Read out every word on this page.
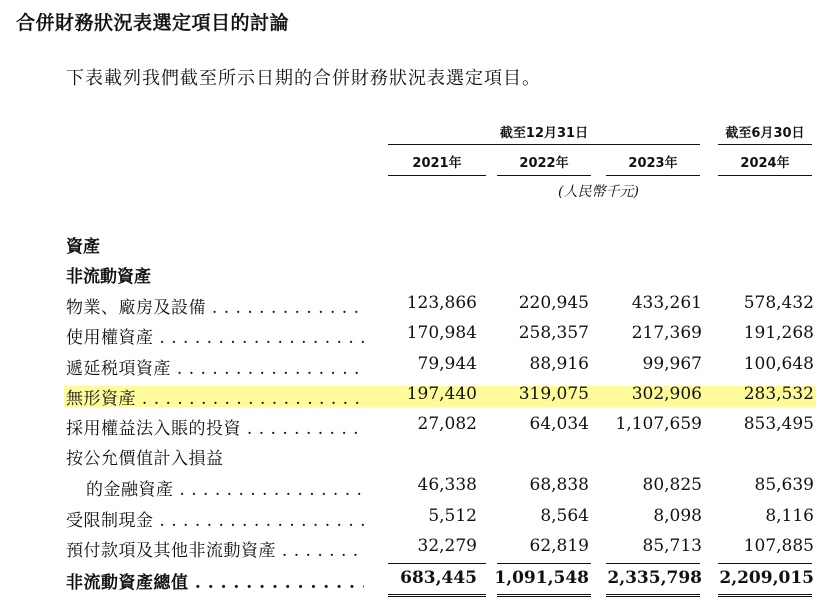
合併財務狀況表選定項目的討論
下表載列我們截至所示日期的合併財務狀況表選定項目。
截至12月31日	截至6月30日
2021年	2022年	2023年	2024年
(人民幣千元)
資產
非流動資產
物業、廠房及設備 . . .	123,866	220,945	433,261	578,432
使用權資產 . . .	170,984	258,357	217,369	191,268
遞延税項資產 . . .	79,944	88,916	99,967	100,648
無形資產 . . .	197,440	319,075	302,906	283,532
採用權益法入賬的投資 . . .	27,082	64,034	1,107,659	853,495
按公允價值計入損益
的金融資產 . . .	46,338	68,838	80,825	85,639
受限制現金 . . .	5,512	8,564	8,098	8,116
預付款項及其他非流動資產 . . .	32,279	62,819	85,713	107,885
非流動資產總值 . . .	683,445	1,091,548	2,335,798	2,209,015
